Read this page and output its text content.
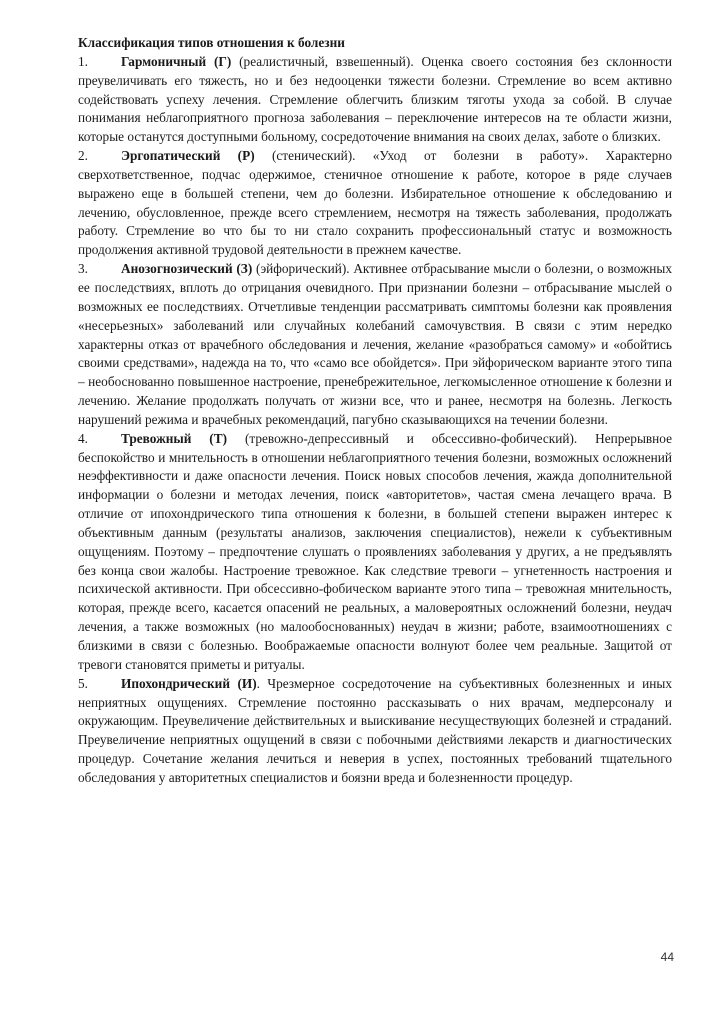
Классификация типов отношения к болезни

1. Гармоничный (Г) (реалистичный, взвешенный). Оценка своего состояния без склонности преувеличивать его тяжесть, но и без недооценки тяжести болезни. Стремление во всем активно содействовать успеху лечения. Стремление облегчить близким тяготы ухода за собой. В случае понимания неблагоприятного прогноза заболевания – переключение интересов на те области жизни, которые останутся доступными больному, сосредоточение внимания на своих делах, заботе о близких.

2. Эргопатический (Р) (стенический). «Уход от болезни в работу». Характерно сверхответственное, подчас одержимое, стеничное отношение к работе, которое в ряде случаев выражено еще в большей степени, чем до болезни. Избирательное отношение к обследованию и лечению, обусловленное, прежде всего стремлением, несмотря на тяжесть заболевания, продолжать работу. Стремление во что бы то ни стало сохранить профессиональный статус и возможность продолжения активной трудовой деятельности в прежнем качестве.

3. Анозогнозический (З) (эйфорический). Активнее отбрасывание мысли о болезни, о возможных ее последствиях, вплоть до отрицания очевидного. При признании болезни – отбрасывание мыслей о возможных ее последствиях. Отчетливые тенденции рассматривать симптомы болезни как проявления «несерьезных» заболеваний или случайных колебаний самочувствия. В связи с этим нередко характерны отказ от врачебного обследования и лечения, желание «разобраться самому» и «обойтись своими средствами», надежда на то, что «само все обойдется». При эйфорическом варианте этого типа – необоснованно повышенное настроение, пренебрежительное, легкомысленное отношение к болезни и лечению. Желание продолжать получать от жизни все, что и ранее, несмотря на болезнь. Легкость нарушений режима и врачебных рекомендаций, пагубно сказывающихся на течении болезни.

4. Тревожный (Т) (тревожно-депрессивный и обсессивно-фобический). Непрерывное беспокойство и мнительность в отношении неблагоприятного течения болезни, возможных осложнений неэффективности и даже опасности лечения. Поиск новых способов лечения, жажда дополнительной информации о болезни и методах лечения, поиск «авторитетов», частая смена лечащего врача. В отличие от ипохондрического типа отношения к болезни, в большей степени выражен интерес к объективным данным (результаты анализов, заключения специалистов), нежели к субъективным ощущениям. Поэтому – предпочтение слушать о проявлениях заболевания у других, а не предъявлять без конца свои жалобы. Настроение тревожное. Как следствие тревоги – угнетенность настроения и психической активности. При обсессивно-фобическом варианте этого типа – тревожная мнительность, которая, прежде всего, касается опасений не реальных, а маловероятных осложнений болезни, неудач лечения, а также возможных (но малообоснованных) неудач в жизни; работе, взаимоотношениях с близкими в связи с болезнью. Воображаемые опасности волнуют более чем реальные. Защитой от тревоги становятся приметы и ритуалы.

5. Ипохондрический (И). Чрезмерное сосредоточение на субъективных болезненных и иных неприятных ощущениях. Стремление постоянно рассказывать о них врачам, медперсоналу и окружающим. Преувеличение действительных и выискивание несуществующих болезней и страданий. Преувеличение неприятных ощущений в связи с побочными действиями лекарств и диагностических процедур. Сочетание желания лечиться и неверия в успех, постоянных требований тщательного обследования у авторитетных специалистов и боязни вреда и болезненности процедур.

44
